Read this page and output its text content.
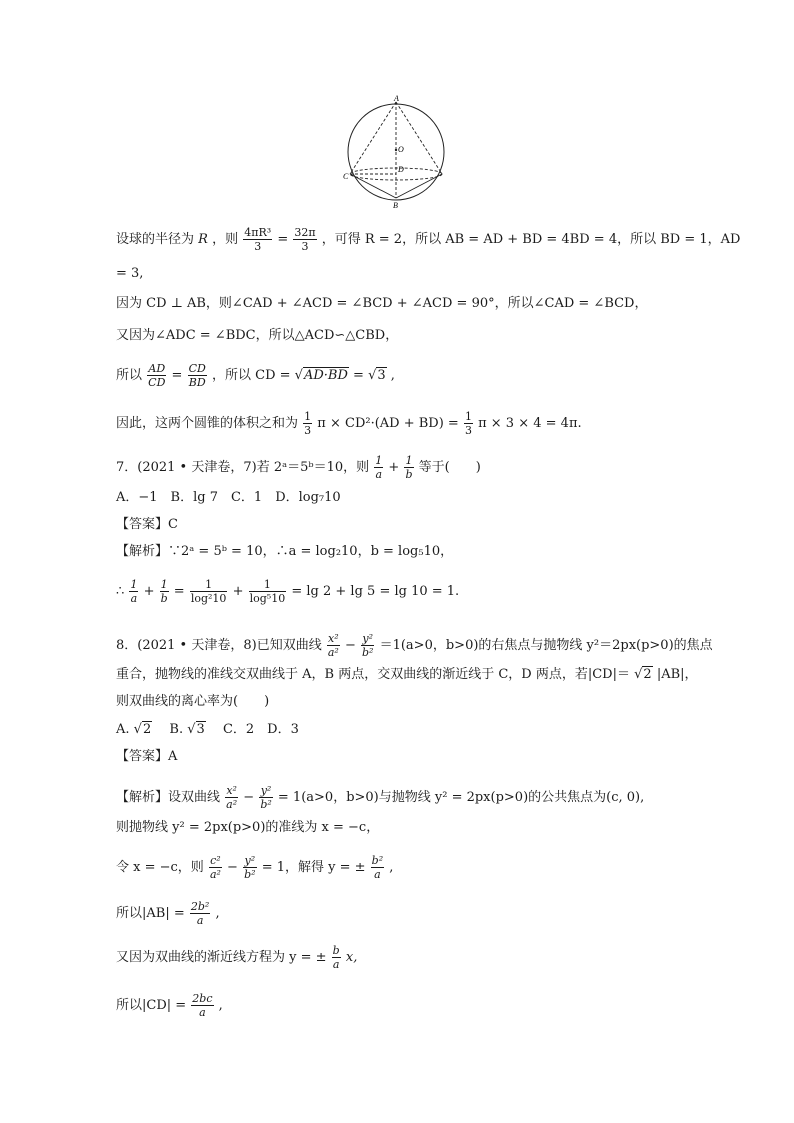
A
O
D
C
B
设球的半径为 R ，则 $\frac{\text{4πR³}}{3} = \frac{32\pi}{3}$ ，可得 R = 2，所以 AB = AD + BD = 4BD = 4，所以 BD = 1，AD
= 3,
因为 CD ⊥ AB，则∠CAD + ∠ACD = ∠BCD + ∠ACD = 90°，所以∠CAD = ∠BCD，
又因为∠ADC = ∠BDC，所以△ACD∽△CBD，
所以 $\frac{AD}{CD} = \frac{CD}{BD}$ ，所以 CD = √AD·BD = √3 ,
因此，这两个圆锥的体积之和为 $\frac{1}{3}$ $\pi \times CD^2\cdot(AD + BD) = \frac{1}{3}$ π × 3 × 4 = 4π.
7．(2021 • 天津卷，7)若 2ᵃ＝5ᵇ＝10，则 $\frac{1}{a} + \frac{1}{b}$ 等于(　　)
A．−1　B．lg 7　C．1　D．log₇10
【答案】C
【解析】∵2ᵃ = 5ᵇ = 10，∴a = log₂10，b = log₅10，
∴ $\frac{1}{a} + \frac{1}{b} = \frac{1}{\text{log²10}} + \frac{1}{\text{log⁵10}} = \lg 2 + \lg 5 = \lg 10 = 1$.
8．(2021 • 天津卷，8)已知双曲线 $\frac{\text{x²}}{\text{a²}} - \frac{\text{y²}}{\text{b²}} =1(a>0$，b>0)的右焦点与抛物线 y²＝2px(p>0)的焦点
重合，抛物线的准线交双曲线于 A，B 两点，交双曲线的渐近线于 C，D 两点，若|CD|＝ √2 |AB|，
则双曲线的离心率为(　　)
A. √2 　B. √3 　C．2　D．3
【答案】A
【解析】设双曲线 $\frac{\text{x²}}{\text{a²}} - \frac{\text{y²}}{\text{b²}} = 1(a>0$，b>0)与抛物线 y² = 2px(p>0)的公共焦点为(c, 0),
则抛物线 y² = 2px(p>0)的准线为 x = −c，
令 x = −c，则 $\frac{\text{c²}}{\text{a²}} - \frac{\text{y²}}{\text{b²}} = 1$，解得 y = ± $\frac{\text{b²}}{a}$ ,
所以$|AB| = \frac{\text{2b²}}{a}$ ,
又因为双曲线的渐近线方程为 y = ± $\frac{b}{a} x$,
所以$|CD| = \frac{2bc}{a}$ ,
